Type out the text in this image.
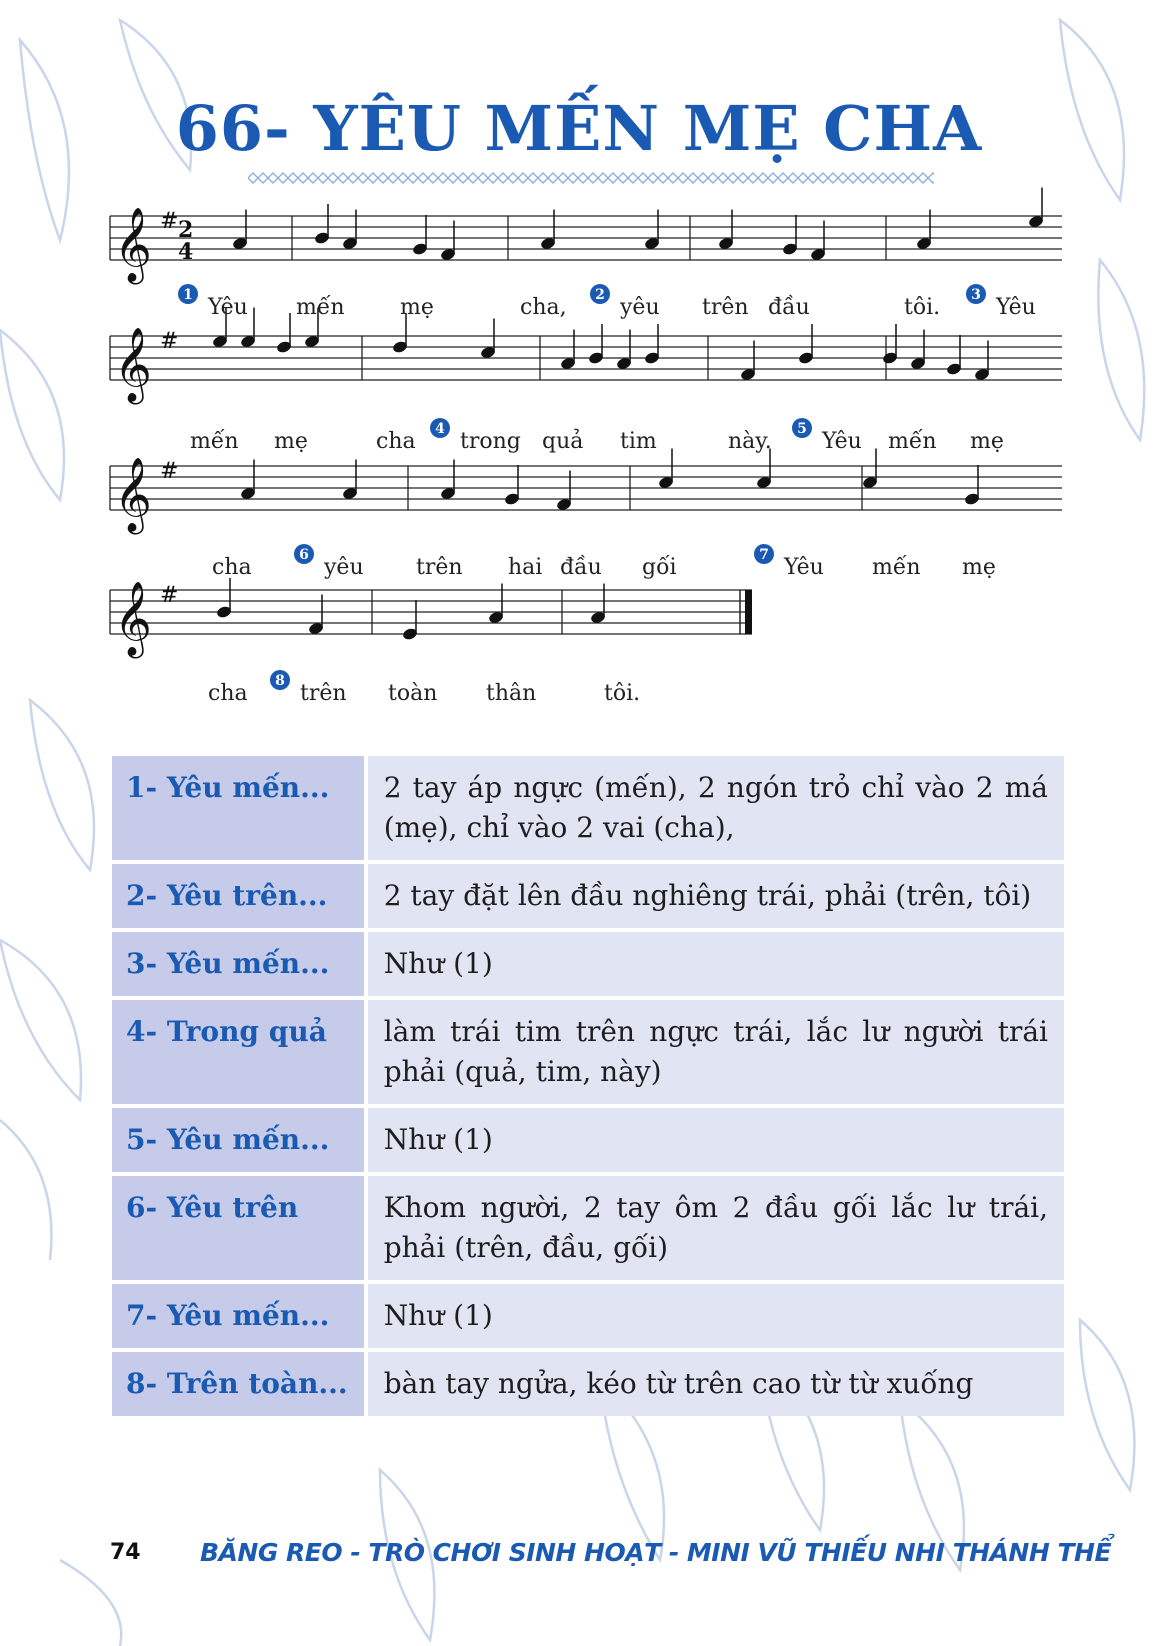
66- YÊU MẾN MẸ CHA
𝄞 # 2
4
𝄞 #
𝄞 #
𝄞 #
1 Yêu mến	mẹ	cha, 2 yêu trên đầu	tôi. 3 Yêu
mến mẹ	cha 4 trong quả tim	này. 5 Yêu mến mẹ
cha	6 yêu trên hai đầu gối	7 Yêu mến mẹ
cha 8 trên toàn thân	tôi.
1- Yêu mến...	2 tay áp ngực (mến), 2 ngón trỏ chỉ vào 2 má (mẹ), chỉ vào 2 vai (cha),
2- Yêu trên...	2 tay đặt lên đầu nghiêng trái, phải (trên, tôi)
3- Yêu mến...	Như (1)
4- Trong quả	làm trái tim trên ngực trái, lắc lư người trái phải (quả, tim, này)
5- Yêu mến...	Như (1)
6- Yêu trên	Khom người, 2 tay ôm 2 đầu gối lắc lư trái, phải (trên, đầu, gối)
7- Yêu mến...	Như (1)
8- Trên toàn...	bàn tay ngửa, kéo từ trên cao từ từ xuống
74 BĂNG REO - TRÒ CHƠI SINH HOẠT - MINI VŨ THIẾU NHI THÁNH THỂ
